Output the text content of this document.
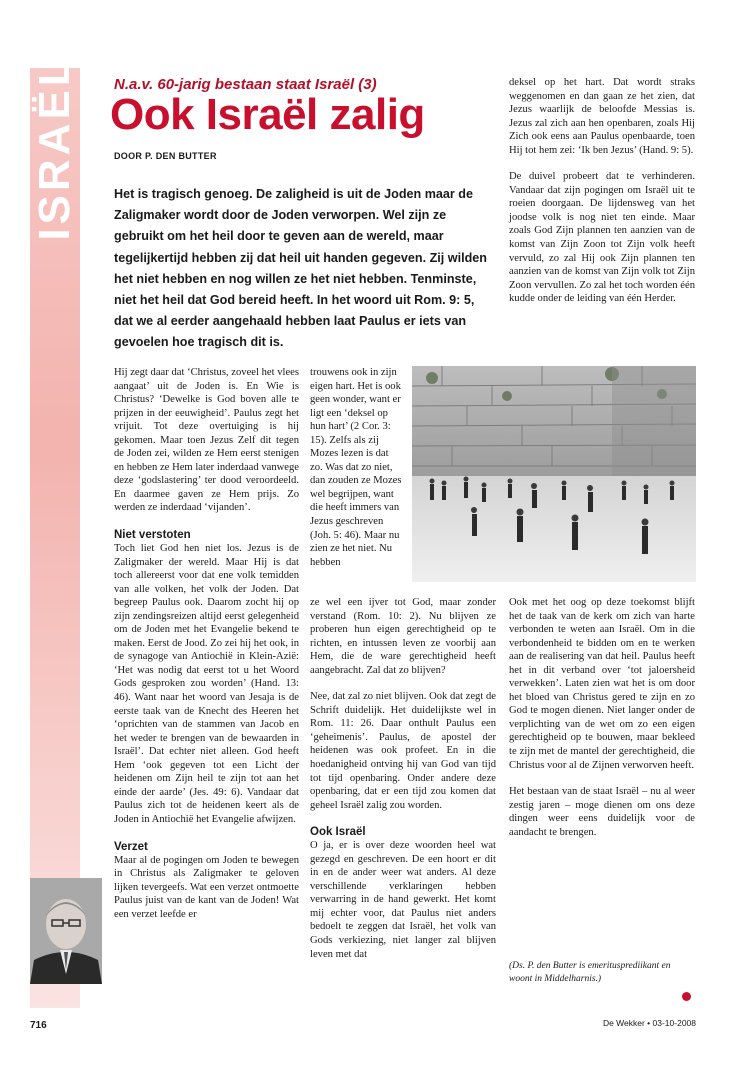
ISRAËL N.a.v. 60-jarig bestaan staat Israël (3)
Ook Israël zalig
DOOR P. DEN BUTTER

Het is tragisch genoeg. De zaligheid is uit de Joden maar de Zaligmaker wordt door de Joden verworpen. Wel zijn ze gebruikt om het heil door te geven aan de wereld, maar tegelijkertijd hebben zij dat heil uit handen gegeven. Zij wilden het niet hebben en nog willen ze het niet hebben. Tenminste, niet het heil dat God bereid heeft. In het woord uit Rom. 9: 5, dat we al eerder aangehaald hebben laat Paulus er iets van gevoelen hoe tragisch dit is.

Hij zegt daar dat ‘Christus, zoveel het vlees aangaat’ uit de Joden is. En Wie is Christus? ‘Dewelke is God boven alle te prijzen in der eeuwigheid’. Paulus zegt het vrijuit. Tot deze overtuiging is hij gekomen. Maar toen Jezus Zelf dit tegen de Joden zei, wilden ze Hem eerst stenigen en hebben ze Hem later inderdaad vanwege deze ‘godslastering’ ter dood veroordeeld. En daarmee gaven ze Hem prijs. Zo werden ze inderdaad ‘vijanden’.

Niet verstoten

Toch liet God hen niet los. Jezus is de Zaligmaker der wereld. Maar Hij is dat toch allereerst voor dat ene volk temidden van alle volken, het volk der Joden. Dat begreep Paulus ook. Daarom zocht hij op zijn zendingsreizen altijd eerst gelegenheid om de Joden met het Evangelie bekend te maken. Eerst de Jood. Zo zei hij het ook, in de synagoge van Antiochië in Klein-Azië: ‘Het was nodig dat eerst tot u het Woord Gods gesproken zou worden’ (Hand. 13: 46). Want naar het woord van Jesaja is de eerste taak van de Knecht des Heeren het ‘oprichten van de stammen van Jacob en het weder te brengen van de bewaarden in Israël’. Dat echter niet alleen. God heeft Hem ‘ook gegeven tot een Licht der heidenen om Zijn heil te zijn tot aan het einde der aarde’ (Jes. 49: 6). Vandaar dat Paulus zich tot de heidenen keert als de Joden in Antiochië het Evangelie afwijzen.

Verzet

Maar al de pogingen om Joden te bewegen in Christus als Zaligmaker te geloven lijken tevergeefs. Wat een verzet ontmoette Paulus juist van de kant van de Joden! Wat een verzet leefde er

trouwens ook in zijn eigen hart. Het is ook geen wonder, want er ligt een ‘deksel op hun hart’ (2 Cor. 3: 15). Zelfs als zij Mozes lezen is dat zo. Was dat zo niet, dan zouden ze Mozes wel begrijpen, want die heeft immers van Jezus geschreven (Joh. 5: 46). Maar nu zien ze het niet. Nu hebben

ze wel een ijver tot God, maar zonder verstand (Rom. 10: 2). Nu blijven ze proberen hun eigen gerechtigheid op te richten, en intussen leven ze voorbij aan Hem, die de ware gerechtigheid heeft aangebracht. Zal dat zo blijven?

Nee, dat zal zo niet blijven. Ook dat zegt de Schrift duidelijk. Het duidelijkste wel in Rom. 11: 26. Daar onthult Paulus een ‘geheimenis’. Paulus, de apostel der heidenen was ook profeet. En in die hoedanigheid ontving hij van God van tijd tot tijd openbaring. Onder andere deze openbaring, dat er een tijd zou komen dat geheel Israël zalig zou worden.

Ook Israël

O ja, er is over deze woorden heel wat gezegd en geschreven. De een hoort er dit in en de ander weer wat anders. Al deze verschillende verklaringen hebben verwarring in de hand gewerkt. Het komt mij echter voor, dat Paulus niet anders bedoelt te zeggen dat Israël, het volk van Gods verkiezing, niet langer zal blijven leven met dat

deksel op het hart. Dat wordt straks weggenomen en dan gaan ze het zien, dat Jezus waarlijk de beloofde Messias is. Jezus zal zich aan hen openbaren, zoals Hij Zich ook eens aan Paulus openbaarde, toen Hij tot hem zei: ‘Ik ben Jezus’ (Hand. 9: 5).

De duivel probeert dat te verhinderen. Vandaar dat zijn pogingen om Israël uit te roeien doorgaan. De lijdensweg van het joodse volk is nog niet ten einde. Maar zoals God Zijn plannen ten aanzien van de komst van Zijn Zoon tot Zijn volk heeft vervuld, zo zal Hij ook Zijn plannen ten aanzien van de komst van Zijn volk tot Zijn Zoon vervullen. Zo zal het toch worden één kudde onder de leiding van één Herder.

Ook met het oog op deze toekomst blijft het de taak van de kerk om zich van harte verbonden te weten aan Israël. Om in die verbondenheid te bidden om en te werken aan de realisering van dat heil. Paulus heeft het in dit verband over ‘tot jaloersheid verwekken’. Laten zien wat het is om door het bloed van Christus gered te zijn en zo God te mogen dienen. Niet langer onder de verplichting van de wet om zo een eigen gerechtigheid op te bouwen, maar bekleed te zijn met de mantel der gerechtigheid, die Christus voor al de Zijnen verworven heeft.

Het bestaan van de staat Israël – nu al weer zestig jaren – moge dienen om ons deze dingen weer eens duidelijk voor de aandacht te brengen.

(Ds. P. den Butter is emeritusprediikant en woont in Middelharnis.)
716	De Wekker • 03-10-2008
